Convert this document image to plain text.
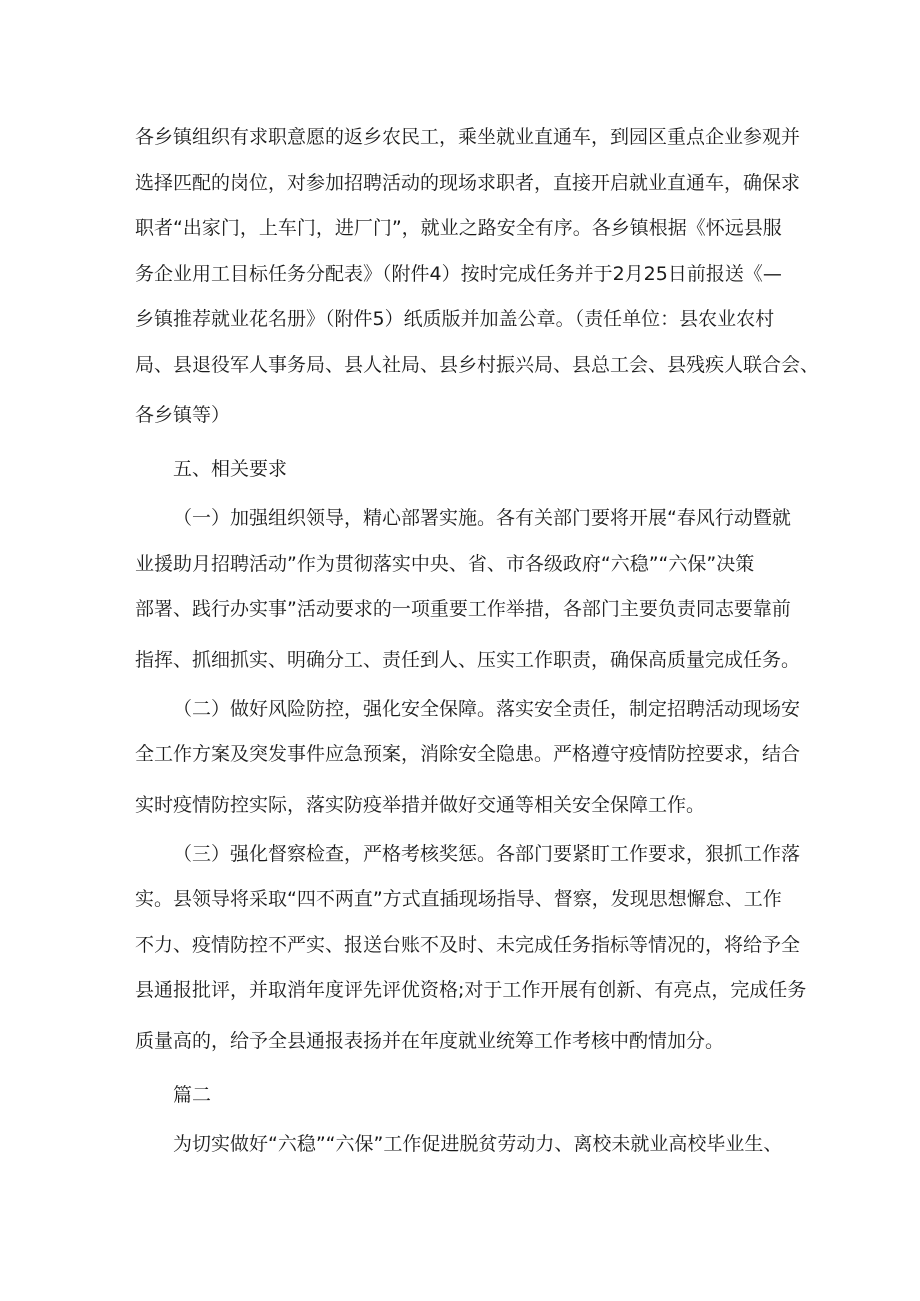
各乡镇组织有求职意愿的返乡农民工，乘坐就业直通车，到园区重点企业参观并
选择匹配的岗位，对参加招聘活动的现场求职者，直接开启就业直通车，确保求
职者“出家门，上车门，进厂门”，就业之路安全有序。各乡镇根据《怀远县服
务企业用工目标任务分配表》（附件4）按时完成任务并于2月25日前报送《—
乡镇推荐就业花名册》（附件5）纸质版并加盖公章。（责任单位：县农业农村
局、县退役军人事务局、县人社局、县乡村振兴局、县总工会、县残疾人联合会、
各乡镇等）
五、相关要求
（一）加强组织领导，精心部署实施。各有关部门要将开展“春风行动暨就
业援助月招聘活动”作为贯彻落实中央、省、市各级政府“六稳”“六保”决策
部署、践行办实事”活动要求的一项重要工作举措，各部门主要负责同志要靠前
指挥、抓细抓实、明确分工、责任到人、压实工作职责，确保高质量完成任务。
（二）做好风险防控，强化安全保障。落实安全责任，制定招聘活动现场安
全工作方案及突发事件应急预案，消除安全隐患。严格遵守疫情防控要求，结合
实时疫情防控实际，落实防疫举措并做好交通等相关安全保障工作。
（三）强化督察检查，严格考核奖惩。各部门要紧盯工作要求，狠抓工作落
实。县领导将采取“四不两直”方式直插现场指导、督察，发现思想懈怠、工作
不力、疫情防控不严实、报送台账不及时、未完成任务指标等情况的，将给予全
县通报批评，并取消年度评先评优资格;对于工作开展有创新、有亮点，完成任务
质量高的，给予全县通报表扬并在年度就业统筹工作考核中酌情加分。
篇二
为切实做好“六稳”“六保”工作促进脱贫劳动力、离校未就业高校毕业生、
